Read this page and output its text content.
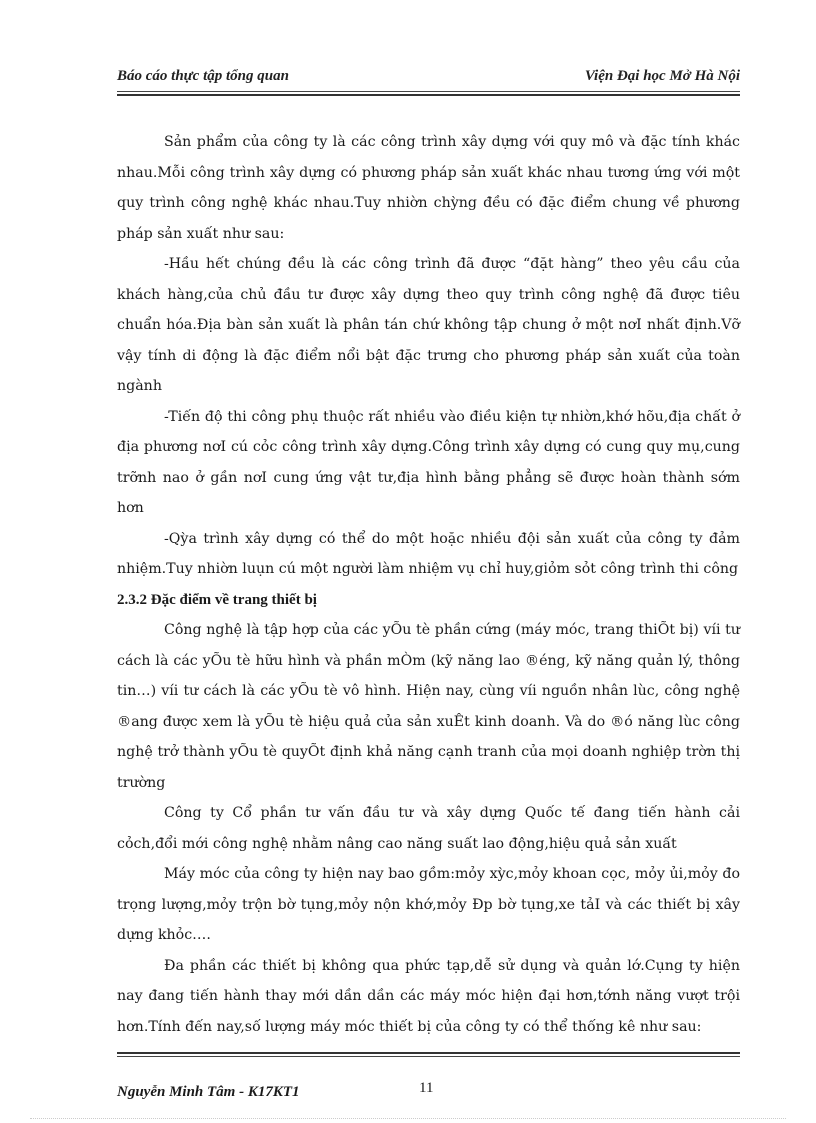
Báo cáo thực tập tổng quan	Viện Đại học Mở Hà Nội

Sản phẩm của công ty là các công trình xây dựng với quy mô và đặc tính khác nhau.Mỗi công trình xây dựng có phương pháp sản xuất khác nhau tương ứng với một quy trình công nghệ khác nhau.Tuy nhiờn chỳng đều có đặc điểm chung về phương pháp sản xuất như sau:

-Hầu hết chúng đều là các công trình đã được “đặt hàng” theo yêu cầu của khách hàng,của chủ đầu tư được xây dựng theo quy trình công nghệ đã được tiêu chuẩn hóa.Địa bàn sản xuất là phân tán chứ không tập chung ở một nơI nhất định.Vỡ vậy tính di động là đặc điểm nổi bật đặc trưng cho phương pháp sản xuất của toàn ngành

-Tiến độ thi công phụ thuộc rất nhiều vào điều kiện tự nhiờn,khớ hõu,địa chất ở địa phương nơI cú cỏc công trình xây dựng.Công trình xây dựng có cung quy mụ,cung trỡnh nao ở gần nơI cung ứng vật tư,địa hình bằng phẳng sẽ được hoàn thành sớm hơn

-Qỳa trình xây dựng có thể do một hoặc nhiều đội sản xuất của công ty đảm nhiệm.Tuy nhiờn luụn cú một người làm nhiệm vụ chỉ huy,giỏm sỏt công trình thi công

2.3.2 Đặc điểm về trang thiết bị

Công nghệ là tập hợp của các yÕu tè phần cứng (máy móc, trang thiÕt bị) víi tư cách là các yÕu tè hữu hình và phần mÒm (kỹ năng lao ®éng, kỹ năng quản lý, thông tin…) víi tư cách là các yÕu tè vô hình. Hiện nay, cùng víi nguồn nhân lùc, công nghệ ®ang được xem là yÕu tè hiệu quả của sản xuÊt kinh doanh. Và do ®ó năng lùc công nghệ trở thành yÕu tè quyÕt định khả năng cạnh tranh của mọi doanh nghiệp trờn thị trường

Công ty Cổ phần tư vấn đầu tư và xây dựng Quốc tế đang tiến hành cải cỏch,đổi mới công nghệ nhằm nâng cao năng suất lao động,hiệu quả sản xuất

Máy móc của công ty hiện nay bao gồm:mỏy xỳc,mỏy khoan cọc, mỏy ủi,mỏy đo trọng lượng,mỏy trộn bờ tụng,mỏy nộn khớ,mỏy Đp bờ tụng,xe tảI và các thiết bị xây dựng khỏc….

Đa phần các thiết bị không qua phức tạp,dễ sử dụng và quản lớ.Cụng ty hiện nay đang tiến hành thay mới dần dần các máy móc hiện đại hơn,tớnh năng vượt trội hơn.Tính đến nay,số lượng máy móc thiết bị của công ty có thể thống kê như sau:

Nguyễn Minh Tâm - K17KT1	11
